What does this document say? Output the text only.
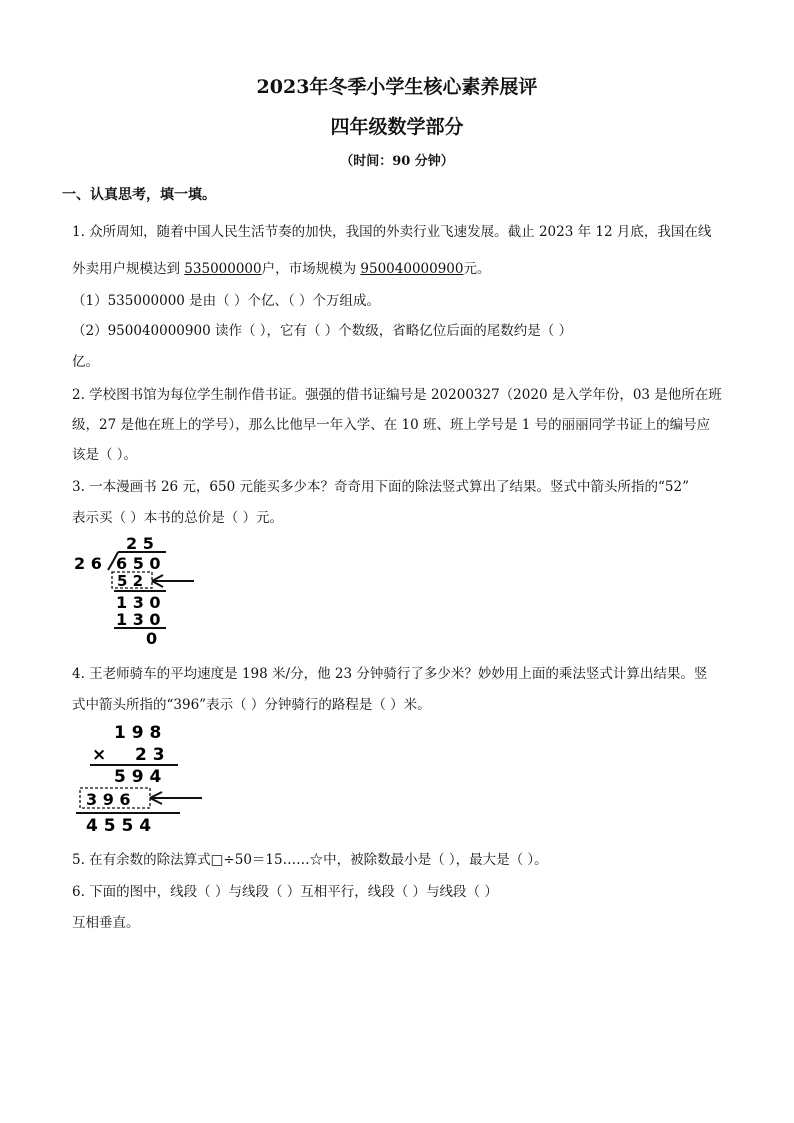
2023年冬季小学生核心素养展评
四年级数学部分
（时间：90 分钟）
一、认真思考，填一填。
1. 众所周知，随着中国人民生活节奏的加快，我国的外卖行业飞速发展。截止 2023 年 12 月底，我国在线
外卖用户规模达到 535000000户，市场规模为 950040000900元。
（1）535000000 是由（ ）个亿、（ ）个万组成。
（2）950040000900 读作（ ），它有（ ）个数级，省略亿位后面的尾数约是（ ）
亿。
2. 学校图书馆为每位学生制作借书证。强强的借书证编号是 20200327（2020 是入学年份，03 是他所在班
级，27 是他在班上的学号），那么比他早一年入学、在 10 班、班上学号是 1 号的丽丽同学书证上的编号应
该是（ ）。
3. 一本漫画书 26 元，650 元能买多少本？奇奇用下面的除法竖式算出了结果。竖式中箭头所指的“52”
表示买（ ）本书的总价是（ ）元。
2 5
2 6 6 5 0
5 2
1 3 0
1 3 0
0
4. 王老师骑车的平均速度是 198 米/分，他 23 分钟骑行了多少米？妙妙用上面的乘法竖式计算出结果。竖
式中箭头所指的“396”表示（ ）分钟骑行的路程是（ ）米。
1 9 8
× 2 3
5 9 4
3 9 6
4 5 5 4
5. 在有余数的除法算式□÷50＝15……☆中，被除数最小是（ ），最大是（ ）。
6. 下面的图中，线段（ ）与线段（ ）互相平行，线段（ ）与线段（ ）
互相垂直。
